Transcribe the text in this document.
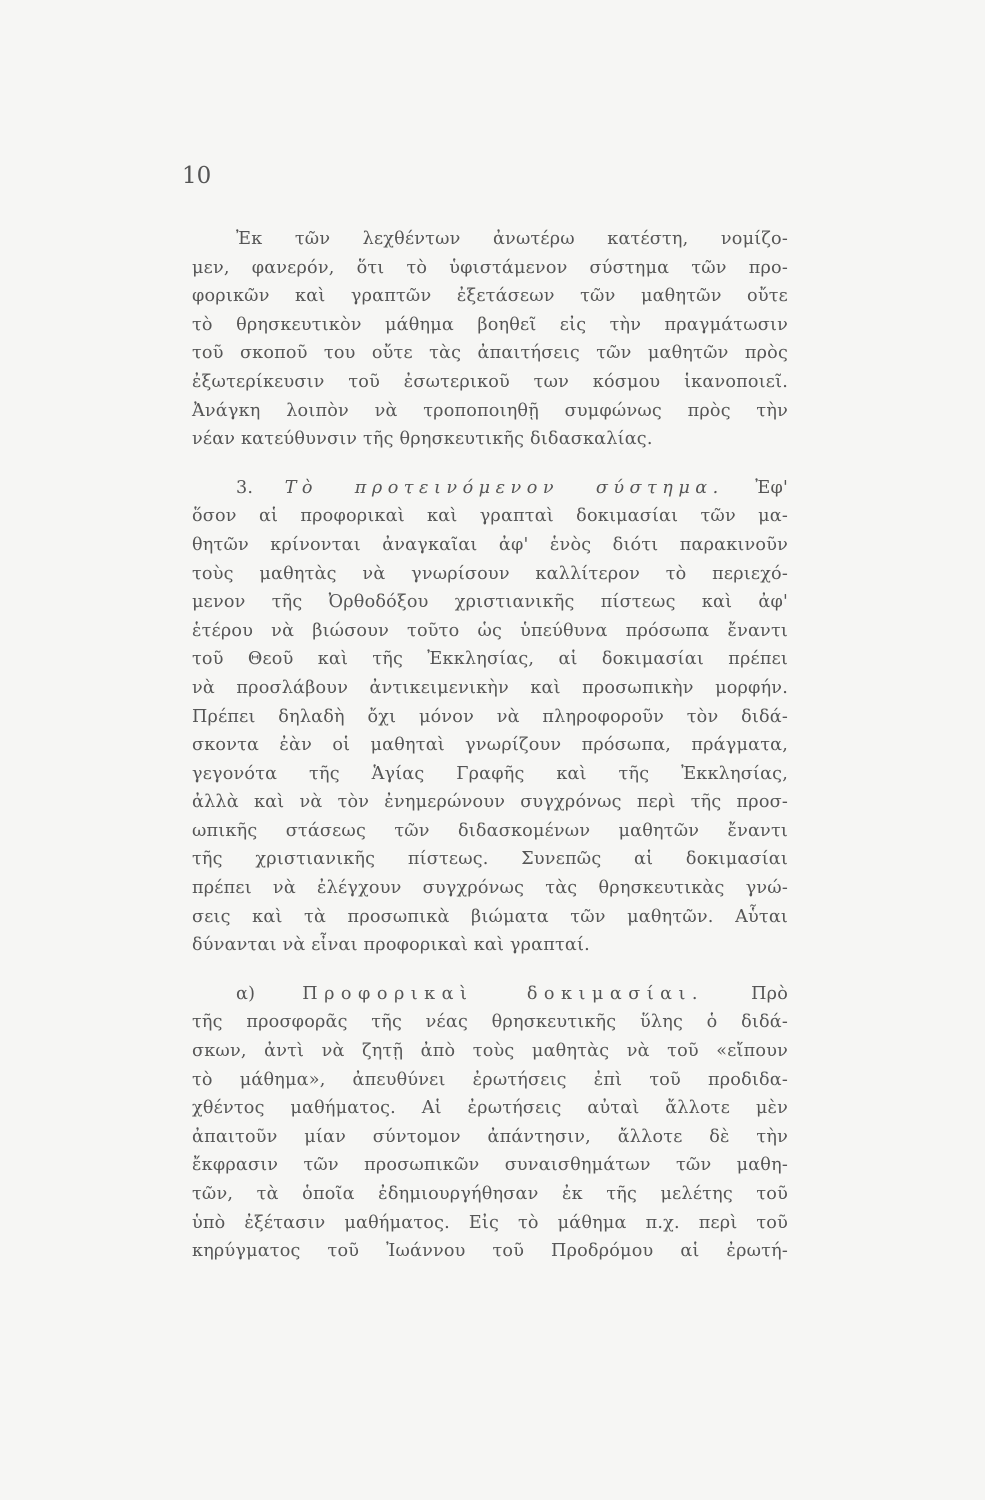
10
Ἐκ τῶν λεχθέντων ἀνωτέρω κατέστη, νομίζο-
μεν, φανερόν, ὅτι τὸ ὑφιστάμενον σύστημα τῶν προ-
φορικῶν καὶ γραπτῶν ἐξετάσεων τῶν μαθητῶν οὔτε
τὸ θρησκευτικὸν μάθημα βοηθεῖ εἰς τὴν πραγμάτωσιν
τοῦ σκοποῦ του οὔτε τὰς ἀπαιτήσεις τῶν μαθητῶν πρὸς
ἐξωτερίκευσιν τοῦ ἐσωτερικοῦ των κόσμου ἱκανοποιεῖ.
Ἀνάγκη λοιπὸν νὰ τροποποιηθῇ συμφώνως πρὸς τὴν
νέαν κατεύθυνσιν τῆς θρησκευτικῆς διδασκαλίας.
3. Τὸ προτεινόμενον σύστημα. Ἐφ'
ὅσον αἱ προφορικαὶ καὶ γραπταὶ δοκιμασίαι τῶν μα-
θητῶν κρίνονται ἀναγκαῖαι ἀφ' ἑνὸς διότι παρακινοῦν
τοὺς μαθητὰς νὰ γνωρίσουν καλλίτερον τὸ περιεχό-
μενον τῆς Ὀρθοδόξου χριστιανικῆς πίστεως καὶ ἀφ'
ἑτέρου νὰ βιώσουν τοῦτο ὡς ὑπεύθυνα πρόσωπα ἔναντι
τοῦ Θεοῦ καὶ τῆς Ἐκκλησίας, αἱ δοκιμασίαι πρέπει
νὰ προσλάβουν ἀντικειμενικὴν καὶ προσωπικὴν μορφήν.
Πρέπει δηλαδὴ ὄχι μόνον νὰ πληροφοροῦν τὸν διδά-
σκοντα ἐὰν οἱ μαθηταὶ γνωρίζουν πρόσωπα, πράγματα,
γεγονότα τῆς Ἁγίας Γραφῆς καὶ τῆς Ἐκκλησίας,
ἀλλὰ καὶ νὰ τὸν ἐνημερώνουν συγχρόνως περὶ τῆς προσ-
ωπικῆς στάσεως τῶν διδασκομένων μαθητῶν ἔναντι
τῆς χριστιανικῆς πίστεως. Συνεπῶς αἱ δοκιμασίαι
πρέπει νὰ ἐλέγχουν συγχρόνως τὰς θρησκευτικὰς γνώ-
σεις καὶ τὰ προσωπικὰ βιώματα τῶν μαθητῶν. Αὗται
δύνανται νὰ εἶναι προφορικαὶ καὶ γραπταί.
α)	Προφορικαὶ δοκιμασίαι.	Πρὸ
τῆς προσφορᾶς τῆς νέας θρησκευτικῆς ὕλης ὁ διδά-
σκων, ἀντὶ νὰ ζητῇ ἀπὸ τοὺς μαθητὰς νὰ τοῦ «εἴπουν
τὸ μάθημα», ἀπευθύνει ἐρωτήσεις ἐπὶ τοῦ προδιδα-
χθέντος μαθήματος. Αἱ ἐρωτήσεις αὐταὶ ἄλλοτε μὲν
ἀπαιτοῦν μίαν σύντομον ἀπάντησιν, ἄλλοτε δὲ τὴν
ἔκφρασιν τῶν προσωπικῶν συναισθημάτων τῶν μαθη-
τῶν, τὰ ὁποῖα ἐδημιουργήθησαν ἐκ τῆς μελέτης τοῦ
ὑπὸ ἐξέτασιν μαθήματος. Εἰς τὸ μάθημα π.χ. περὶ τοῦ
κηρύγματος τοῦ Ἰωάννου τοῦ Προδρόμου αἱ ἐρωτή-
